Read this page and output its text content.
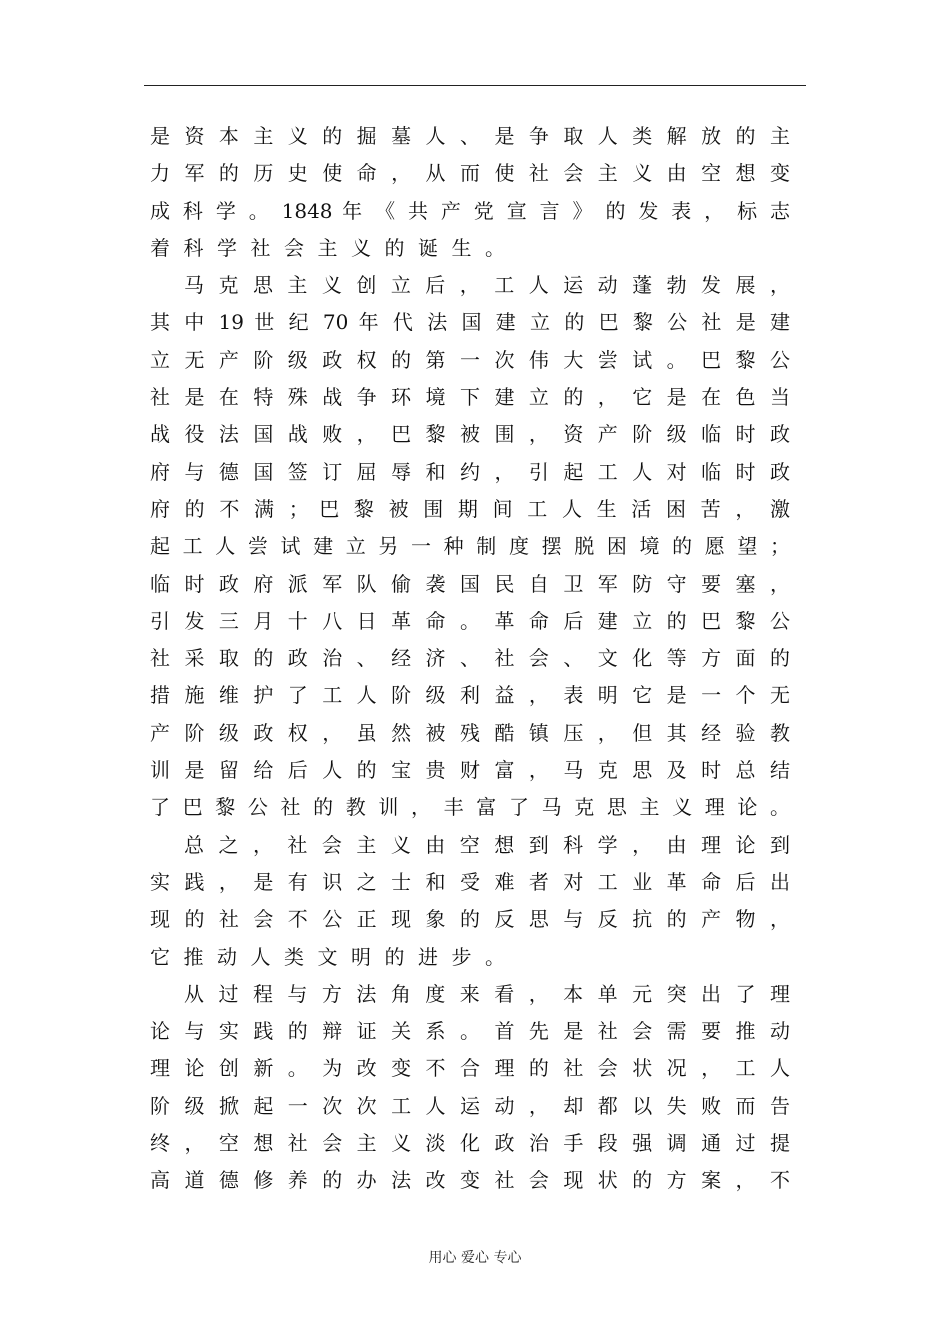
是 资 本 主 义 的 掘 墓 人 、 是 争 取 人 类 解 放 的 主
力 军 的 历 史 使 命 ， 从 而 使 社 会 主 义 由 空 想 变
成 科 学 。 1848 年 《 共 产 党 宣 言 》 的 发 表 ， 标 志
着科学社会主义的诞生。
马 克 思 主 义 创 立 后 ， 工 人 运 动 蓬 勃 发 展 ，
其 中 19 世 纪 70 年 代 法 国 建 立 的 巴 黎 公 社 是 建
立 无 产 阶 级 政 权 的 第 一 次 伟 大 尝 试 。 巴 黎 公
社 是 在 特 殊 战 争 环 境 下 建 立 的 ， 它 是 在 色 当
战 役 法 国 战 败 ， 巴 黎 被 围 ， 资 产 阶 级 临 时 政
府 与 德 国 签 订 屈 辱 和 约 ， 引 起 工 人 对 临 时 政
府 的 不 满 ； 巴 黎 被 围 期 间 工 人 生 活 困 苦 ， 激
起 工 人 尝 试 建 立 另 一 种 制 度 摆 脱 困 境 的 愿 望 ；
临 时 政 府 派 军 队 偷 袭 国 民 自 卫 军 防 守 要 塞 ，
引 发 三 月 十 八 日 革 命 。 革 命 后 建 立 的 巴 黎 公
社 采 取 的 政 治 、 经 济 、 社 会 、 文 化 等 方 面 的
措 施 维 护 了 工 人 阶 级 利 益 ， 表 明 它 是 一 个 无
产 阶 级 政 权 ， 虽 然 被 残 酷 镇 压 ， 但 其 经 验 教
训 是 留 给 后 人 的 宝 贵 财 富 ， 马 克 思 及 时 总 结
了 巴 黎 公 社 的 教 训 ， 丰 富 了 马 克 思 主 义 理 论 。
总 之 ， 社 会 主 义 由 空 想 到 科 学 ， 由 理 论 到
实 践 ， 是 有 识 之 士 和 受 难 者 对 工 业 革 命 后 出
现 的 社 会 不 公 正 现 象 的 反 思 与 反 抗 的 产 物 ，
它推动人类文明的进步。
从 过 程 与 方 法 角 度 来 看 ， 本 单 元 突 出 了 理
论 与 实 践 的 辩 证 关 系 。 首 先 是 社 会 需 要 推 动
理 论 创 新 。 为 改 变 不 合 理 的 社 会 状 况 ， 工 人
阶 级 掀 起 一 次 次 工 人 运 动 ， 却 都 以 失 败 而 告
终 ， 空 想 社 会 主 义 淡 化 政 治 手 段 强 调 通 过 提
高 道 德 修 养 的 办 法 改 变 社 会 现 状 的 方 案 ， 不
用心 爱心 专心
